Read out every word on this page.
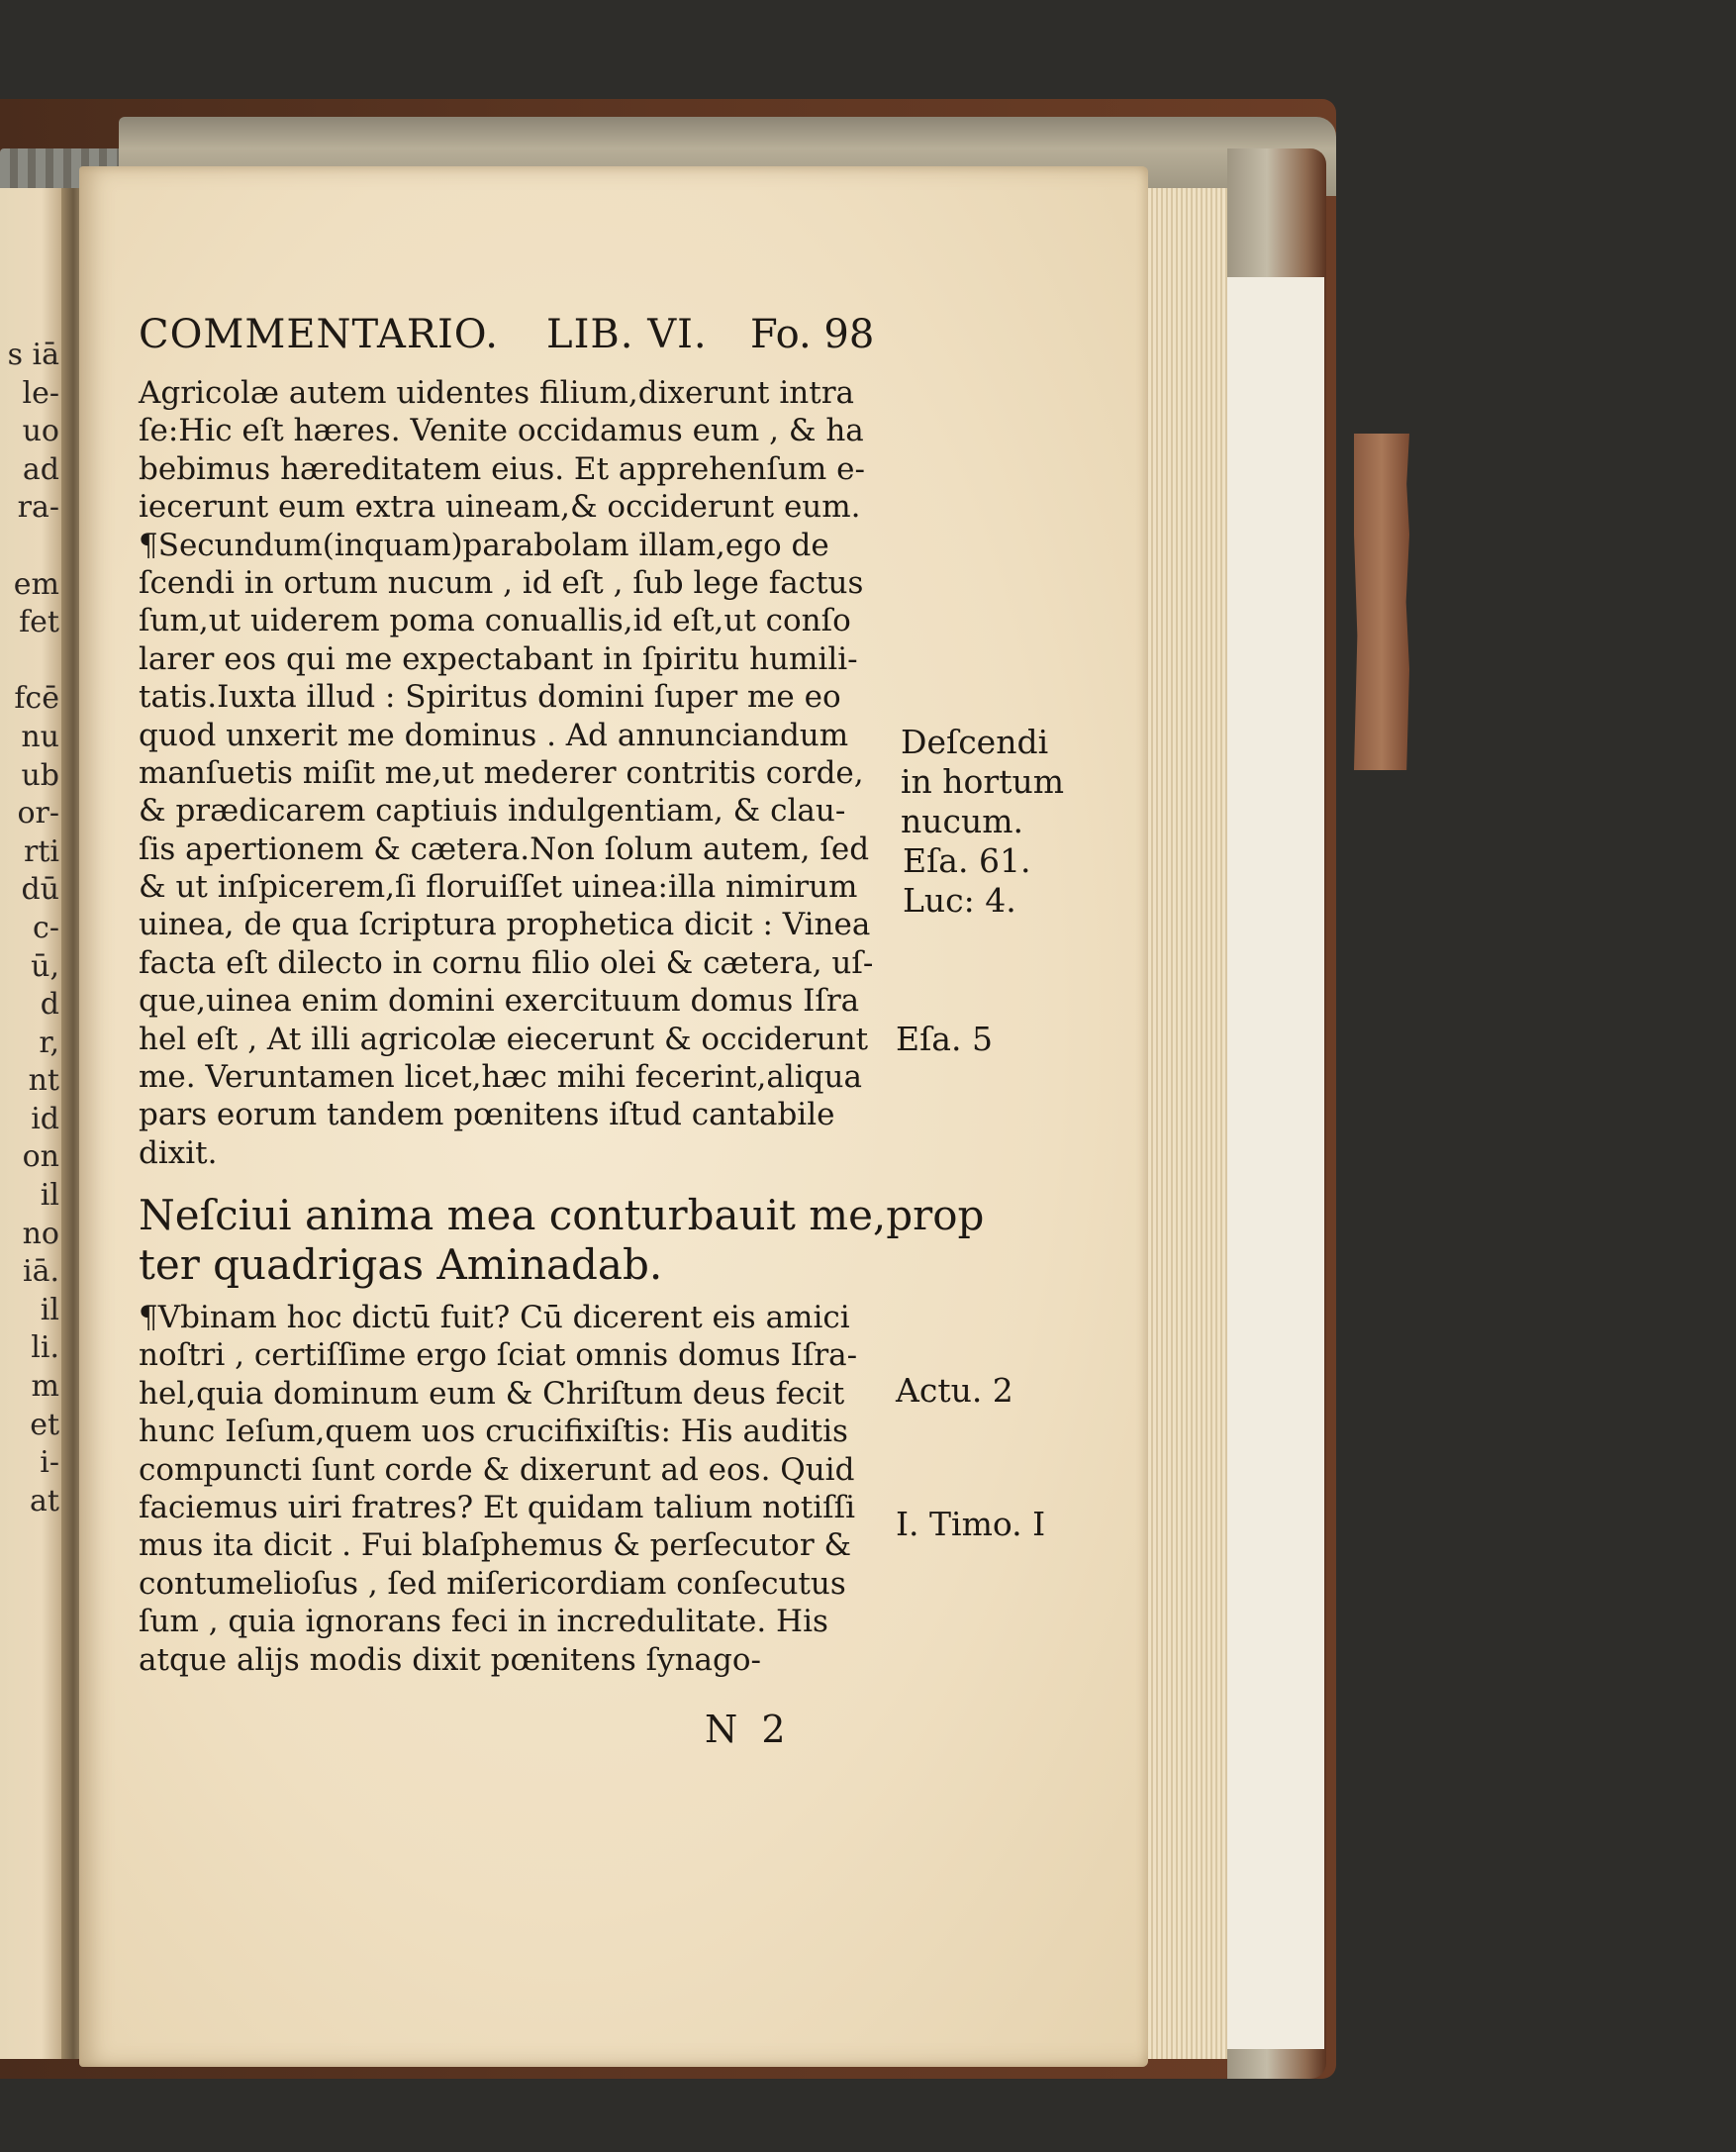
s iā
le-
uo
ad
ra-
em
fet
fcē
nu
ub
or-
rti
dū
c-
ū,
d
r,
nt
id
on
il
no
iā.
il
li.
m
et
i-
at
COMMENTARIO. LIB. VI. Fo. 98
Agricolæ autem uidentes filium,dixerunt intra
ſe:Hic eſt hæres. Venite occidamus eum , & ha
bebimus hæreditatem eius. Et apprehenſum e-
iecerunt eum extra uineam,& occiderunt eum.
¶Secundum(inquam)parabolam illam,ego de
ſcendi in ortum nucum , id eſt , ſub lege factus
ſum,ut uiderem poma conuallis,id eſt,ut conſo
larer eos qui me expectabant in ſpiritu humili-
tatis.Iuxta illud : Spiritus domini ſuper me eo
quod unxerit me dominus . Ad annunciandum
manſuetis miſit me,ut mederer contritis corde,
& prædicarem captiuis indulgentiam, & clau-
ſis apertionem & cætera.Non ſolum autem, ſed
& ut inſpicerem,ſi floruiſſet uinea:illa nimirum
uinea, de qua ſcriptura prophetica dicit : Vinea
facta eſt dilecto in cornu filio olei & cætera, uſ-
que,uinea enim domini exercituum domus Iſra
hel eſt , At illi agricolæ eiecerunt & occiderunt
me. Veruntamen licet,hæc mihi fecerint,aliqua
pars eorum tandem pœnitens iſtud cantabile
dixit.
Neſciui anima mea conturbauit me,prop
ter quadrigas Aminadab.
¶Vbinam hoc dictū fuit? Cū dicerent eis amici
noſtri , certiſſime ergo ſciat omnis domus Iſra-
hel,quia dominum eum & Chriſtum deus fecit
hunc Ieſum,quem uos crucifixiſtis: His auditis
compuncti ſunt corde & dixerunt ad eos. Quid
faciemus uiri fratres? Et quidam talium notiſſi
mus ita dicit . Fui blaſphemus & perſecutor &
contumelioſus , ſed miſericordiam conſecutus
ſum , quia ignorans feci in incredulitate. His
atque alijs modis dixit pœnitens ſynago-
Deſcendi
in hortum
nucum.
Eſa. 61.
Luc: 4.
Eſa. 5
Actu. 2
I. Timo. I
N 2
